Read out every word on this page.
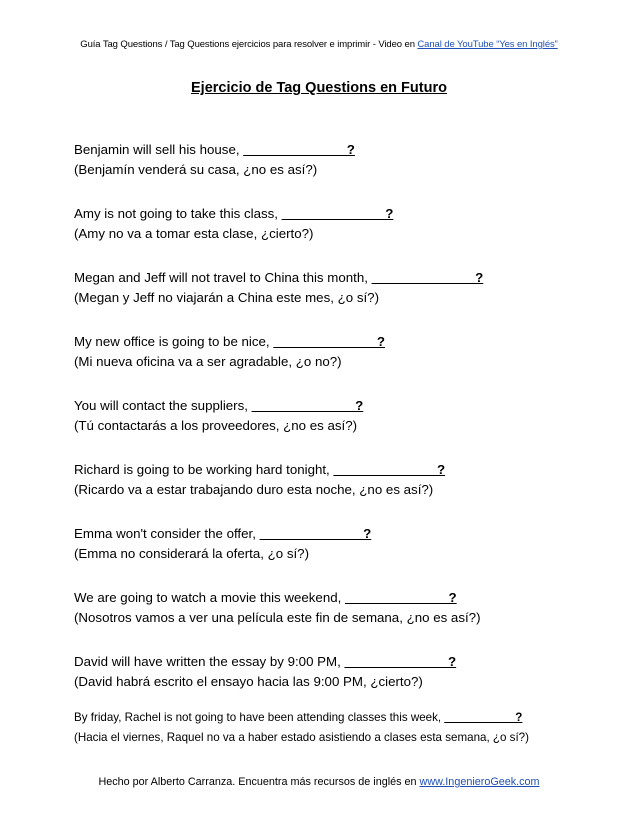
Guía Tag Questions / Tag Questions ejercicios para resolver e imprimir - Video en Canal de YouTube “Yes en Inglés”
Ejercicio de Tag Questions en Futuro
Benjamin will sell his house, ______________?
(Benjamín venderá su casa, ¿no es así?)
Amy is not going to take this class, ______________?
(Amy no va a tomar esta clase, ¿cierto?)
Megan and Jeff will not travel to China this month, ______________?
(Megan y Jeff no viajarán a China este mes, ¿o sí?)
My new office is going to be nice, ______________?
(Mi nueva oficina va a ser agradable, ¿o no?)
You will contact the suppliers, ______________?
(Tú contactarás a los proveedores, ¿no es así?)
Richard is going to be working hard tonight, ______________?
(Ricardo va a estar trabajando duro esta noche, ¿no es así?)
Emma won't consider the offer, ______________?
(Emma no considerará la oferta, ¿o sí?)
We are going to watch a movie this weekend, ______________?
(Nosotros vamos a ver una película este fin de semana, ¿no es así?)
David will have written the essay by 9:00 PM, ______________?
(David habrá escrito el ensayo hacia las 9:00 PM, ¿cierto?)
By friday, Rachel is not going to have been attending classes this week, ___________?
(Hacia el viernes, Raquel no va a haber estado asistiendo a clases esta semana, ¿o sí?)
Hecho por Alberto Carranza. Encuentra más recursos de inglés en www.IngenieroGeek.com
